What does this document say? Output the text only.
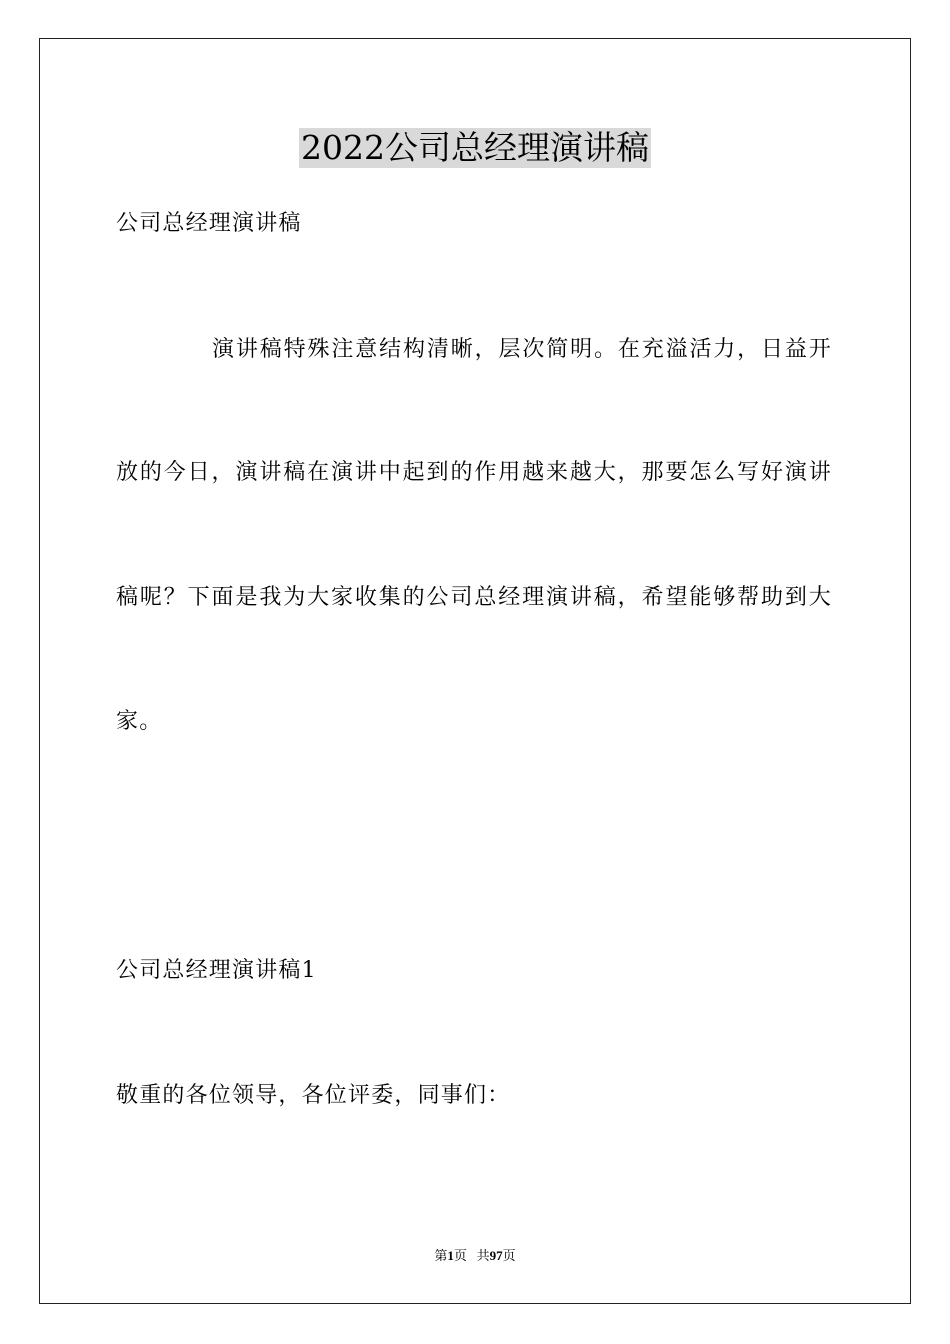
2022公司总经理演讲稿
公司总经理演讲稿
演讲稿特殊注意结构清晰，层次简明。在充溢活力，日益开
放的今日，演讲稿在演讲中起到的作用越来越大，那要怎么写好演讲
稿呢？下面是我为大家收集的公司总经理演讲稿，希望能够帮助到大
家。
公司总经理演讲稿1
敬重的各位领导，各位评委，同事们：
第1页 共97页
